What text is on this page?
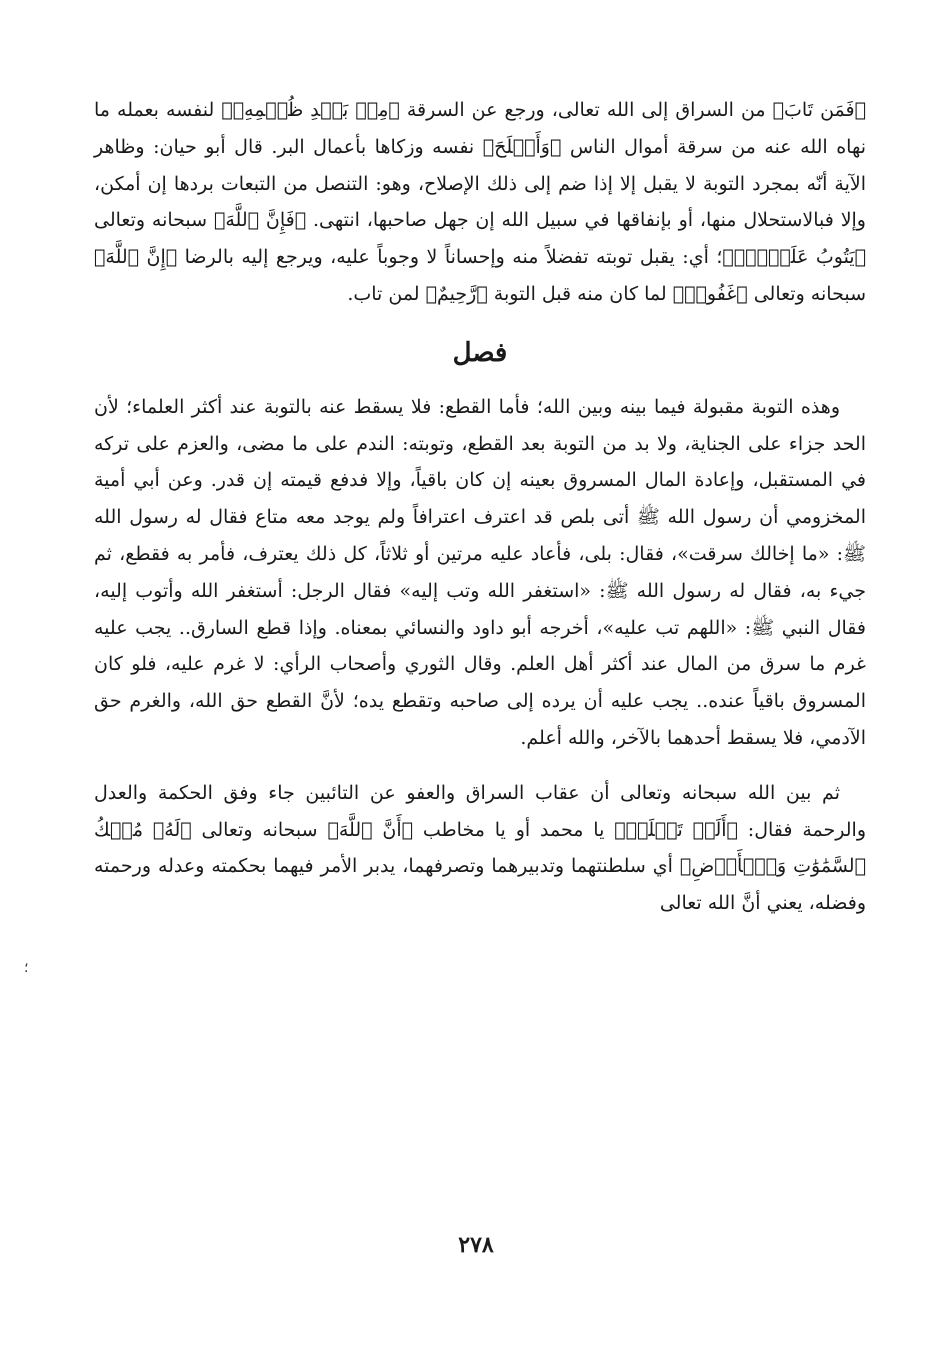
﴿فَمَن تَابَ﴾ من السراق إلى الله تعالى، ورجع عن السرقة ﴿مِنۢ بَعۡدِ ظُلۡمِهِۦ﴾ لنفسه بعمله ما نهاه الله عنه من سرقة أموال الناس ﴿وَأَصۡلَحَ﴾ نفسه وزكاها بأعمال البر. قال أبو حيان: وظاهر الآية أنّه بمجرد التوبة لا يقبل إلا إذا ضم إلى ذلك الإصلاح، وهو: التنصل من التبعات بردها إن أمكن، وإلا فبالاستحلال منها، أو بإنفاقها في سبيل الله إن جهل صاحبها، انتهى. ﴿فَإِنَّ ٱللَّهَ﴾ سبحانه وتعالى ﴿يَتُوبُ عَلَيۡهِۚ﴾؛ أي: يقبل توبته تفضلاً منه وإحساناً لا وجوباً عليه، ويرجع إليه بالرضا ﴿إِنَّ ٱللَّهَ﴾ سبحانه وتعالى ﴿غَفُورٞ﴾ لما كان منه قبل التوبة ﴿رَّحِيمٌ﴾ لمن تاب.

فصل

وهذه التوبة مقبولة فيما بينه وبين الله؛ فأما القطع: فلا يسقط عنه بالتوبة عند أكثر العلماء؛ لأن الحد جزاء على الجناية، ولا بد من التوبة بعد القطع، وتوبته: الندم على ما مضى، والعزم على تركه في المستقبل، وإعادة المال المسروق بعينه إن كان باقياً، وإلا فدفع قيمته إن قدر. وعن أبي أمية المخزومي أن رسول الله ﷺ أتى بلص قد اعترف اعترافاً ولم يوجد معه متاع فقال له رسول الله ﷺ: «ما إخالك سرقت»، فقال: بلى، فأعاد عليه مرتين أو ثلاثاً، كل ذلك يعترف، فأمر به فقطع، ثم جيء به، فقال له رسول الله ﷺ: «استغفر الله وتب إليه» فقال الرجل: أستغفر الله وأتوب إليه، فقال النبي ﷺ: «اللهم تب عليه»، أخرجه أبو داود والنسائي بمعناه. وإذا قطع السارق.. يجب عليه غرم ما سرق من المال عند أكثر أهل العلم. وقال الثوري وأصحاب الرأي: لا غرم عليه، فلو كان المسروق باقياً عنده.. يجب عليه أن يرده إلى صاحبه وتقطع يده؛ لأنَّ القطع حق الله، والغرم حق الآدمي، فلا يسقط أحدهما بالآخر، والله أعلم.

ثم بين الله سبحانه وتعالى أن عقاب السراق والعفو عن التائبين جاء وفق الحكمة والعدل والرحمة فقال: ﴿أَلَمۡ تَعۡلَمۡ﴾ يا محمد أو يا مخاطب ﴿أَنَّ ٱللَّهَ﴾ سبحانه وتعالى ﴿لَهُۥ مُلۡكُ ٱلسَّمَٰوَٰتِ وَٱلۡأَرۡضِ﴾ أي سلطنتهما وتدبيرهما وتصرفهما، يدبر الأمر فيهما بحكمته وعدله ورحمته وفضله، يعني أنَّ الله تعالى

؛
٢٧٨
